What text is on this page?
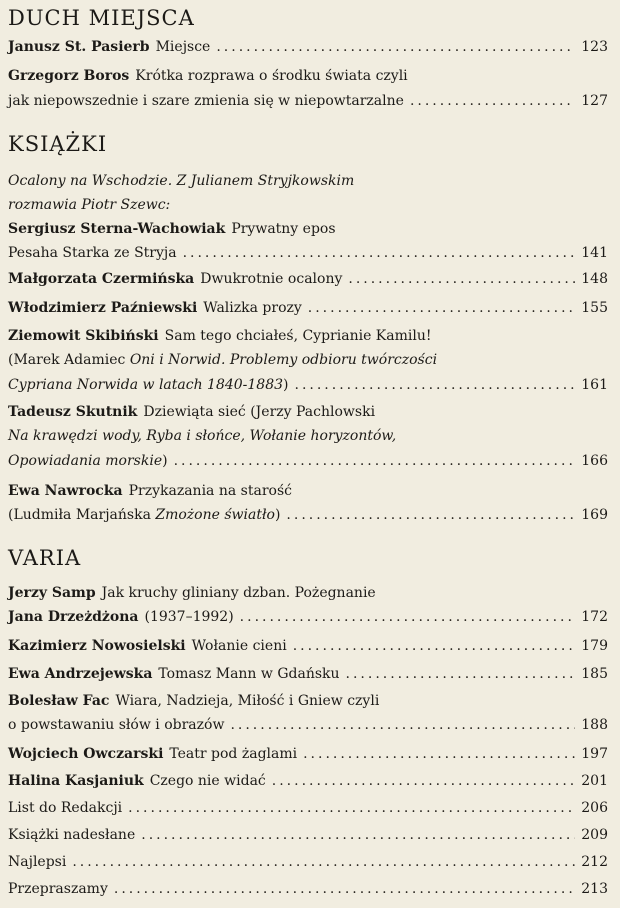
DUCH MIEJSCA
Janusz St. Pasierb Miejsce .....	123
Grzegorz Boros Krótka rozprawa o środku świata czyli
jak niepowszednie i szare zmienia się w niepowtarzalne .....	127
KSIĄŻKI
Ocalony na Wschodzie. Z Julianem Stryjkowskim
rozmawia Piotr Szewc:
Sergiusz Sterna-Wachowiak Prywatny epos
Pesaha Starka ze Stryja .....	141
Małgorzata Czermińska Dwukrotnie ocalony .....	148
Włodzimierz Paźniewski Walizka prozy .....	155
Ziemowit Skibiński Sam tego chciałeś, Cyprianie Kamilu!
(Marek Adamiec
Oni i Norwid. Problemy odbioru twórczości
Cypriana Norwida w latach 1840-1883 ) .....	161
Tadeusz Skutnik Dziewiąta sieć (Jerzy Pachlowski
Na krawędzi wody, Ryba i słońce, Wołanie horyzontów,
Opowiadania morskie ) .....	166
Ewa Nawrocka Przykazania na starość
(Ludmiła Marjańska
Zmożone światło ) .....	169
VARIA
Jerzy Samp Jak kruchy gliniany dzban. Pożegnanie
Jana Drzeżdżona (1937–1992) .....	172
Kazimierz Nowosielski Wołanie cieni .....	179
Ewa Andrzejewska Tomasz Mann w Gdańsku .....	185
Bolesław Fac Wiara, Nadzieja, Miłość i Gniew czyli
o powstawaniu słów i obrazów .....	188
Wojciech Owczarski Teatr pod żaglami .....	197
Halina Kasjaniuk Czego nie widać .....	201
List do Redakcji .....	206
Książki nadesłane .....	209
Najlepsi .....	212
Przepraszamy .....	213
